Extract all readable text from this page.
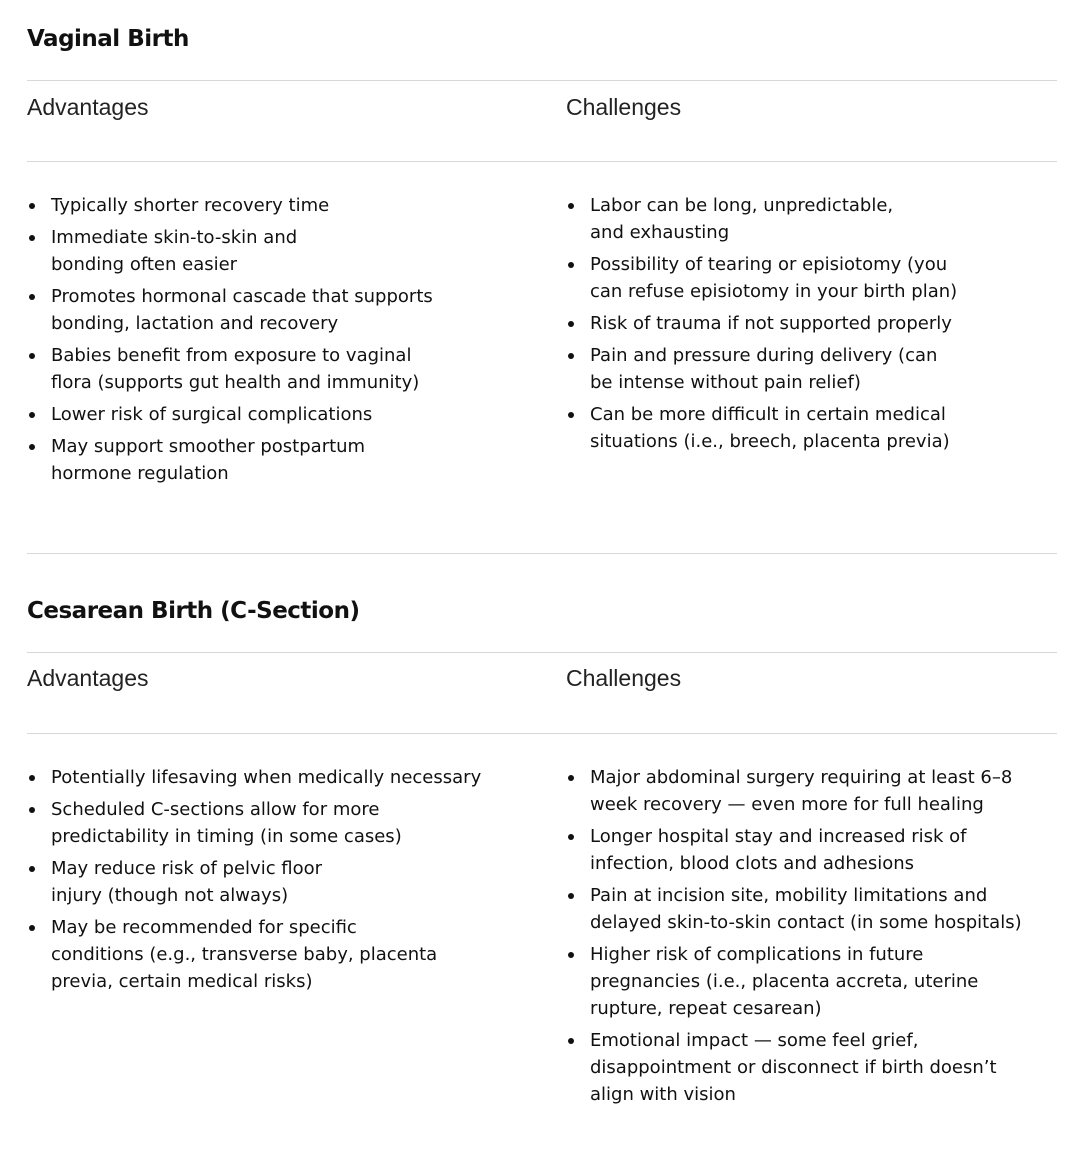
Vaginal Birth
Advantages	Challenges
Typically shorter recovery time
Immediate skin-to-skin and
bonding often easier
Promotes hormonal cascade that supports
bonding, lactation and recovery
Babies benefit from exposure to vaginal
flora (supports gut health and immunity)
Lower risk of surgical complications
May support smoother postpartum
hormone regulation
Labor can be long, unpredictable,
and exhausting
Possibility of tearing or episiotomy (you
can refuse episiotomy in your birth plan)
Risk of trauma if not supported properly
Pain and pressure during delivery (can
be intense without pain relief)
Can be more difficult in certain medical
situations (i.e., breech, placenta previa)
Cesarean Birth (C-Section)
Advantages	Challenges
Potentially lifesaving when medically necessary
Scheduled C-sections allow for more
predictability in timing (in some cases)
May reduce risk of pelvic floor
injury (though not always)
May be recommended for specific
conditions (e.g., transverse baby, placenta
previa, certain medical risks)
Major abdominal surgery requiring at least 6–8
week recovery — even more for full healing
Longer hospital stay and increased risk of
infection, blood clots and adhesions
Pain at incision site, mobility limitations and
delayed skin-to-skin contact (in some hospitals)
Higher risk of complications in future
pregnancies (i.e., placenta accreta, uterine
rupture, repeat cesarean)
Emotional impact — some feel grief,
disappointment or disconnect if birth doesn’t
align with vision
